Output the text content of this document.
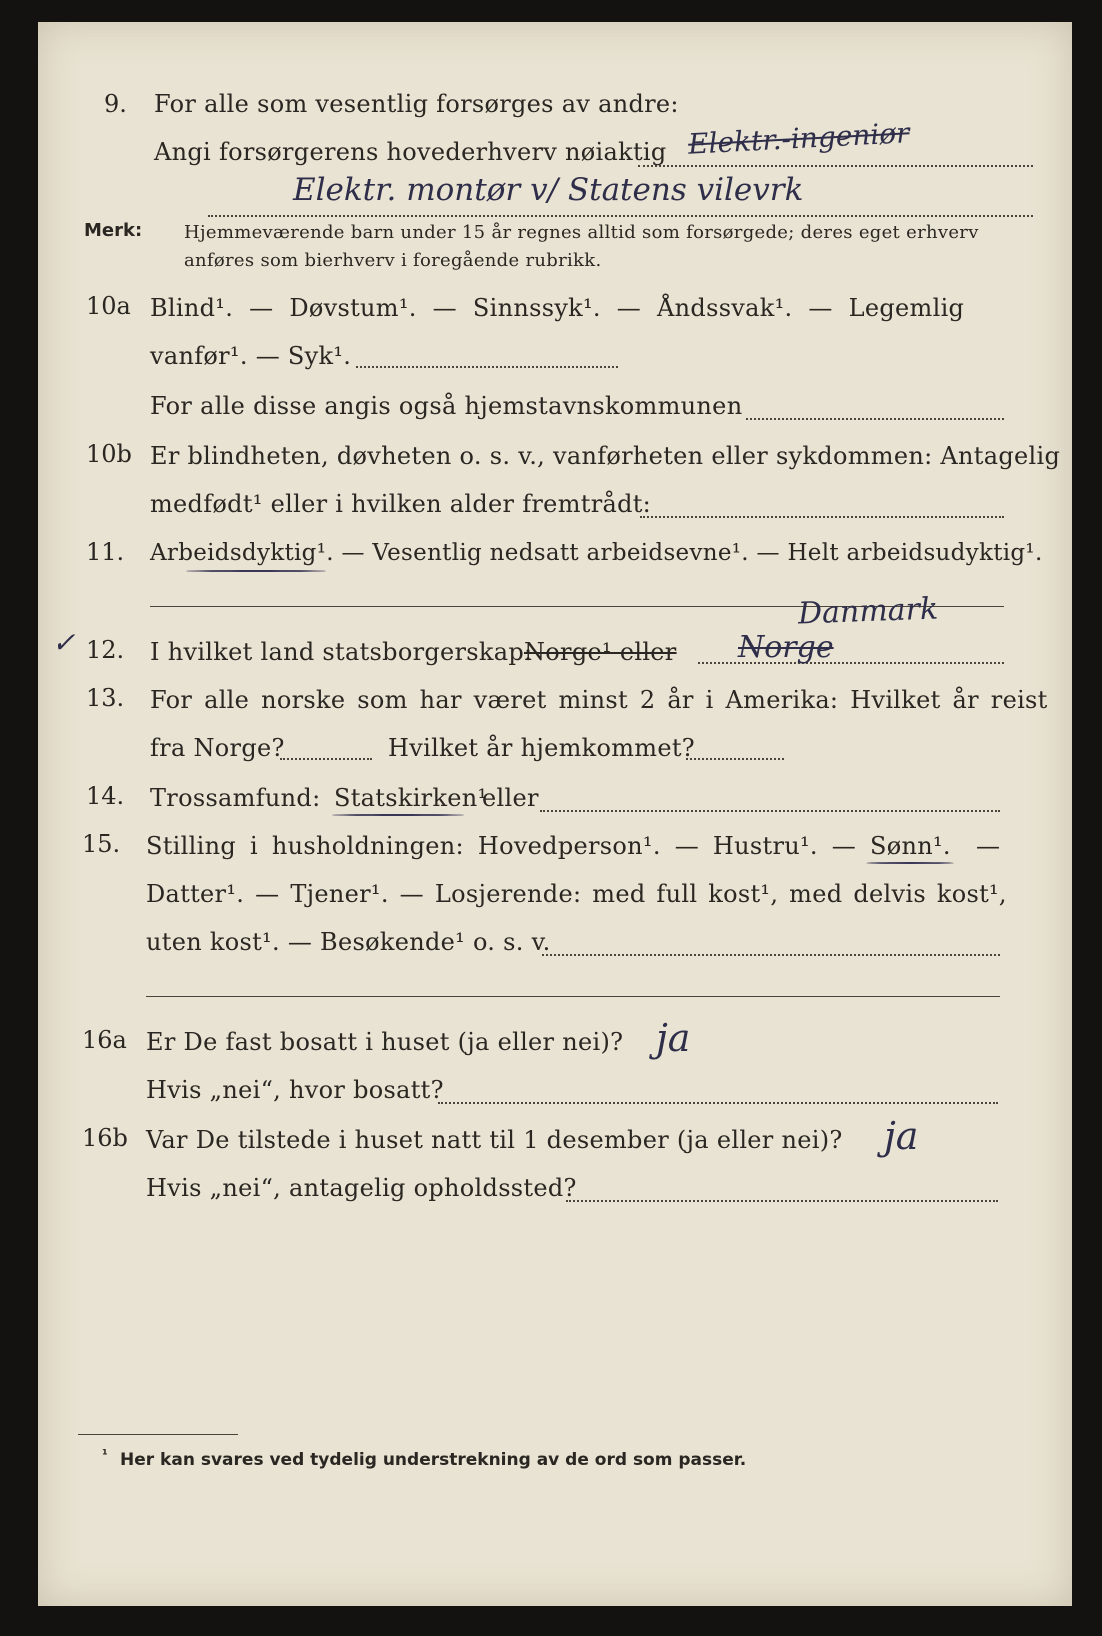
9. For alle som vesentlig forsørges av andre:
Angi forsørgerens hovederhverv nøiaktig Elektr.-ingeniør
Elektr. montør v/ Statens vilevrk
Merk: Hjemmeværende barn under 15 år regnes alltid som forsørgede; deres eget erhverv
anføres som bierhverv i foregående rubrikk.
10a Blind¹. — Døvstum¹. — Sinnssyk¹. — Åndssvak¹. — Legemlig
vanfør¹. — Syk¹.
For alle disse angis også hjemstavnskommunen
10b Er blindheten, døvheten o. s. v., vanførheten eller sykdommen: Antagelig
medfødt¹ eller i hvilken alder fremtrådt:
11. Arbeidsdyktig¹. — Vesentlig nedsatt arbeidsevne¹. — Helt arbeidsudyktig¹.
✓ 12. I hvilket land statsborgerskap:
Norge¹ eller
Danmark
Norge
13. For alle norske som har været minst 2 år i Amerika: Hvilket år reist
fra Norge?	Hvilket år hjemkommet?
14. Trossamfund: Statskirken¹
eller
15. Stilling i husholdningen: Hovedperson¹. — Hustru¹. — Sønn¹. —
Datter¹. — Tjener¹. — Losjerende: med full kost¹, med delvis kost¹,
uten kost¹. — Besøkende¹ o. s. v.
16a Er De fast bosatt i huset (ja eller nei)? ja
Hvis „nei“, hvor bosatt?
16b Var De tilstede i huset natt til 1 desember (ja eller nei)? ja
Hvis „nei“, antagelig opholdssted?
¹ Her kan svares ved tydelig understrekning av de ord som passer.
